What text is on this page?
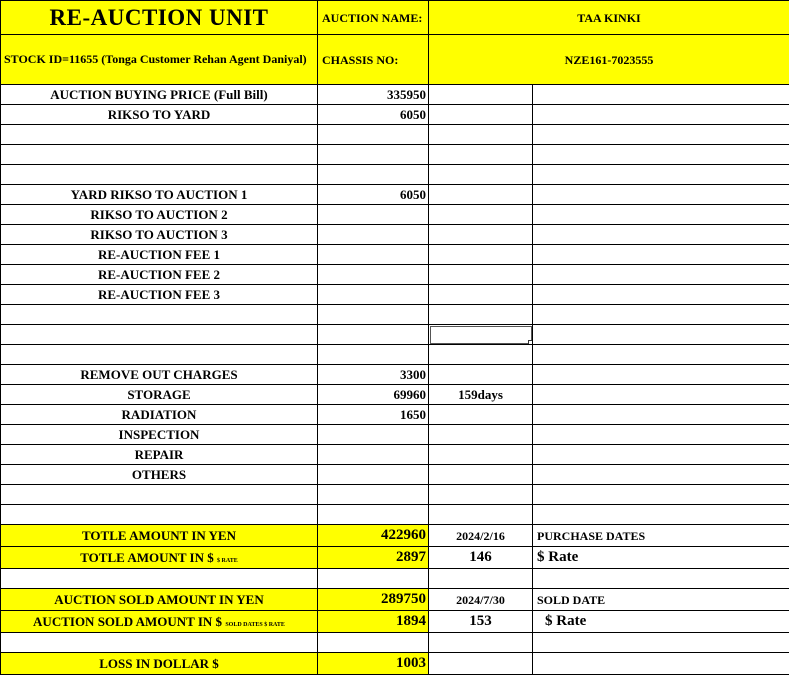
RE-AUCTION UNIT	AUCTION NAME:	TAA KINKI	
STOCK ID=11655 (Tonga Customer Rehan Agent Daniyal)	CHASSIS NO:	NZE161-7023555	
AUCTION BUYING PRICE (Full Bill)	335950		
RIKSO TO YARD	6050		

YARD RIKSO TO AUCTION 1	6050		
RIKSO TO AUCTION 2			
RIKSO TO AUCTION 3			
RE-AUCTION FEE 1			
RE-AUCTION FEE 2			
RE-AUCTION FEE 3			

REMOVE OUT CHARGES	3300		
STORAGE	69960	159days	
RADIATION	1650		
INSPECTION			
REPAIR			
OTHERS			

TOTLE AMOUNT IN YEN	422960	2024/2/16	PURCHASE DATES
TOTLE AMOUNT IN $ $ RATE	2897	146	$ Rate

AUCTION SOLD AMOUNT IN YEN	289750	2024/7/30	SOLD DATE
AUCTION SOLD AMOUNT IN $ SOLD DATES $ RATE	1894	153	$ Rate

LOSS IN DOLLAR $	1003		
